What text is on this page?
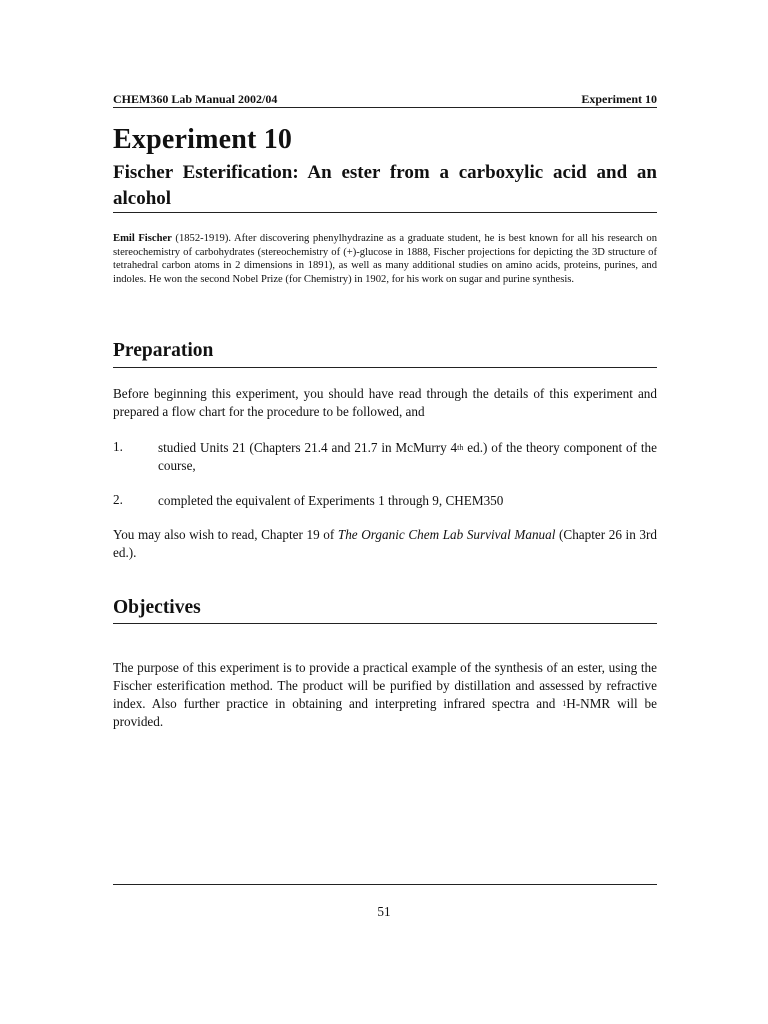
CHEM360 Lab Manual 2002/04	Experiment 10
Experiment 10
Fischer Esterification: An ester from a carboxylic acid and an alcohol
Emil Fischer (1852-1919). After discovering phenylhydrazine as a graduate student, he is best known for all his research on stereochemistry of carbohydrates (stereochemistry of (+)-glucose in 1888, Fischer projections for depicting the 3D structure of tetrahedral carbon atoms in 2 dimensions in 1891), as well as many additional studies on amino acids, proteins, purines, and indoles. He won the second Nobel Prize (for Chemistry) in 1902, for his work on sugar and purine synthesis.
Preparation
Before beginning this experiment, you should have read through the details of this experiment and prepared a flow chart for the procedure to be followed, and
1.	studied Units 21 (Chapters 21.4 and 21.7 in McMurry 4th ed.) of the theory component of the course,
2.	completed the equivalent of Experiments 1 through 9, CHEM350
You may also wish to read, Chapter 19 of The Organic Chem Lab Survival Manual (Chapter 26 in 3rd ed.).
Objectives
The purpose of this experiment is to provide a practical example of the synthesis of an ester, using the Fischer esterification method. The product will be purified by distillation and assessed by refractive index. Also further practice in obtaining and interpreting infrared spectra and $^1$H-NMR will be provided.
51
